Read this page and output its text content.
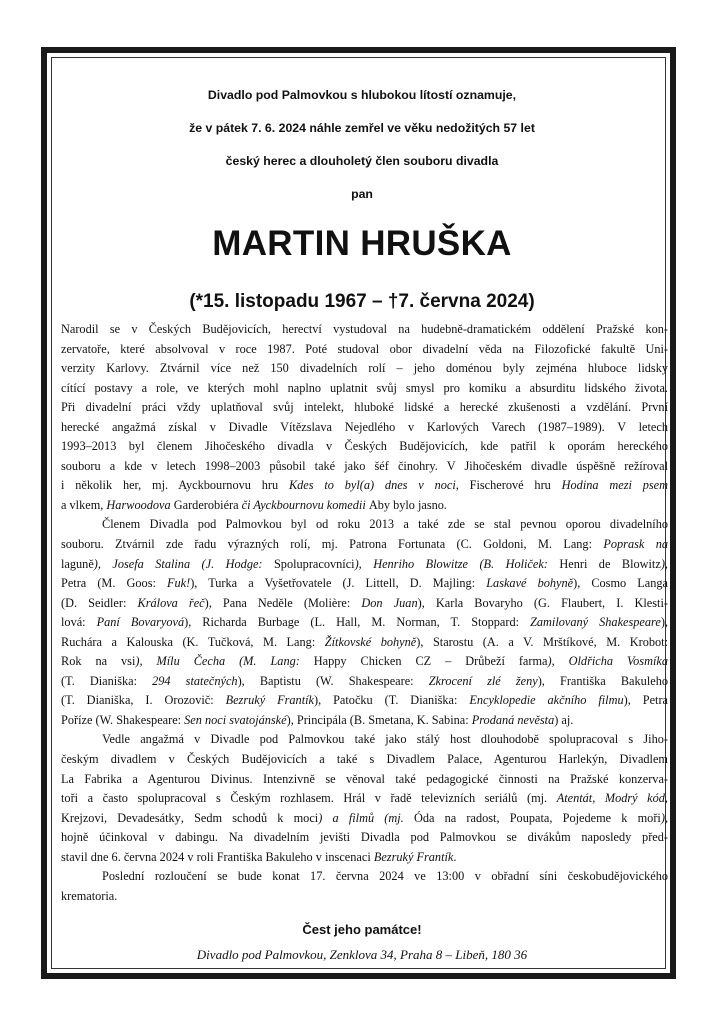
Divadlo pod Palmovkou s hlubokou lítostí oznamuje,
že v pátek 7. 6. 2024 náhle zemřel ve věku nedožitých 57 let
český herec a dlouholetý člen souboru divadla
pan
MARTIN HRUŠKA
(*15. listopadu 1967 – †7. června 2024)
Narodil se v Českých Budějovicích, herectví vystudoval na hudebně-dramatickém oddělení Pražské kon-
zervatoře, které absolvoval v roce 1987. Poté studoval obor divadelní věda na Filozofické fakultě Uni-
verzity Karlovy. Ztvárnil více než 150 divadelních rolí – jeho doménou byly zejména hluboce lidsky
cítící postavy a role, ve kterých mohl naplno uplatnit svůj smysl pro komiku a absurditu lidského života.
Při divadelní práci vždy uplatňoval svůj intelekt, hluboké lidské a herecké zkušenosti a vzdělání. První
herecké angažmá získal v Divadle Vítězslava Nejedlého v Karlových Varech (1987–1989). V letech
1993–2013 byl členem Jihočeského divadla v Českých Budějovicích, kde patřil k oporám hereckého
souboru a kde v letech 1998–2003 působil také jako šéf činohry. V Jihočeském divadle úspěšně režíroval
i několik her, mj. Ayckbournovu hru Kdes to byl(a) dnes v noci, Fischerové hru Hodina mezi psem
a vlkem, Harwoodova Garderobiéra či Ayckbournovu komedii Aby bylo jasno.
Členem Divadla pod Palmovkou byl od roku 2013 a také zde se stal pevnou oporou divadelního
souboru. Ztvárnil zde řadu výrazných rolí, mj. Patrona Fortunata (C. Goldoni, M. Lang: Poprask na
laguně), Josefa Stalina (J. Hodge: Spolupracovníci), Henriho Blowitze (B. Holiček: Henri de Blowitz),
Petra (M. Goos: Fuk!), Turka a Vyšetřovatele (J. Littell, D. Majling: Laskavé bohyně), Cosmo Langa
(D. Seidler: Králova řeč), Pana Neděle (Molière: Don Juan), Karla Bovaryho (G. Flaubert, I. Klesti-
lová: Paní Bovaryová), Richarda Burbage (L. Hall, M. Norman, T. Stoppard: Zamilovaný Shakespeare),
Ruchára a Kalouska (K. Tučková, M. Lang: Žítkovské bohyně), Starostu (A. a V. Mrštíkové, M. Krobot:
Rok na vsi), Mílu Čecha (M. Lang: Happy Chicken CZ – Drůbeží farma), Oldřicha Vosmíka
(T. Dianiška: 294 statečných), Baptistu (W. Shakespeare: Zkrocení zlé ženy), Františka Bakuleho
(T. Dianiška, I. Orozovič: Bezruký Frantík), Patočku (T. Dianiška: Encyklopedie akčního filmu), Petra
Poříze (W. Shakespeare: Sen noci svatojánské), Principála (B. Smetana, K. Sabina: Prodaná nevěsta) aj.
Vedle angažmá v Divadle pod Palmovkou také jako stálý host dlouhodobě spolupracoval s Jiho-
českým divadlem v Českých Budějovicích a také s Divadlem Palace, Agenturou Harlekýn, Divadlem
La Fabrika a Agenturou Divinus. Intenzivně se věnoval také pedagogické činnosti na Pražské konzerva-
toři a často spolupracoval s Českým rozhlasem. Hrál v řadě televizních seriálů (mj. Atentát, Modrý kód,
Krejzovi, Devadesátky, Sedm schodů k moci) a filmů (mj. Óda na radost, Poupata, Pojedeme k moři),
hojně účinkoval v dabingu. Na divadelním jevišti Divadla pod Palmovkou se divákům naposledy před-
stavil dne 6. června 2024 v roli Františka Bakuleho v inscenaci Bezruký Frantík.
Poslední rozloučení se bude konat 17. června 2024 ve 13:00 v obřadní síni českobudějovického
krematoria.
Čest jeho památce!
Divadlo pod Palmovkou, Zenklova 34, Praha 8 – Libeň, 180 36
